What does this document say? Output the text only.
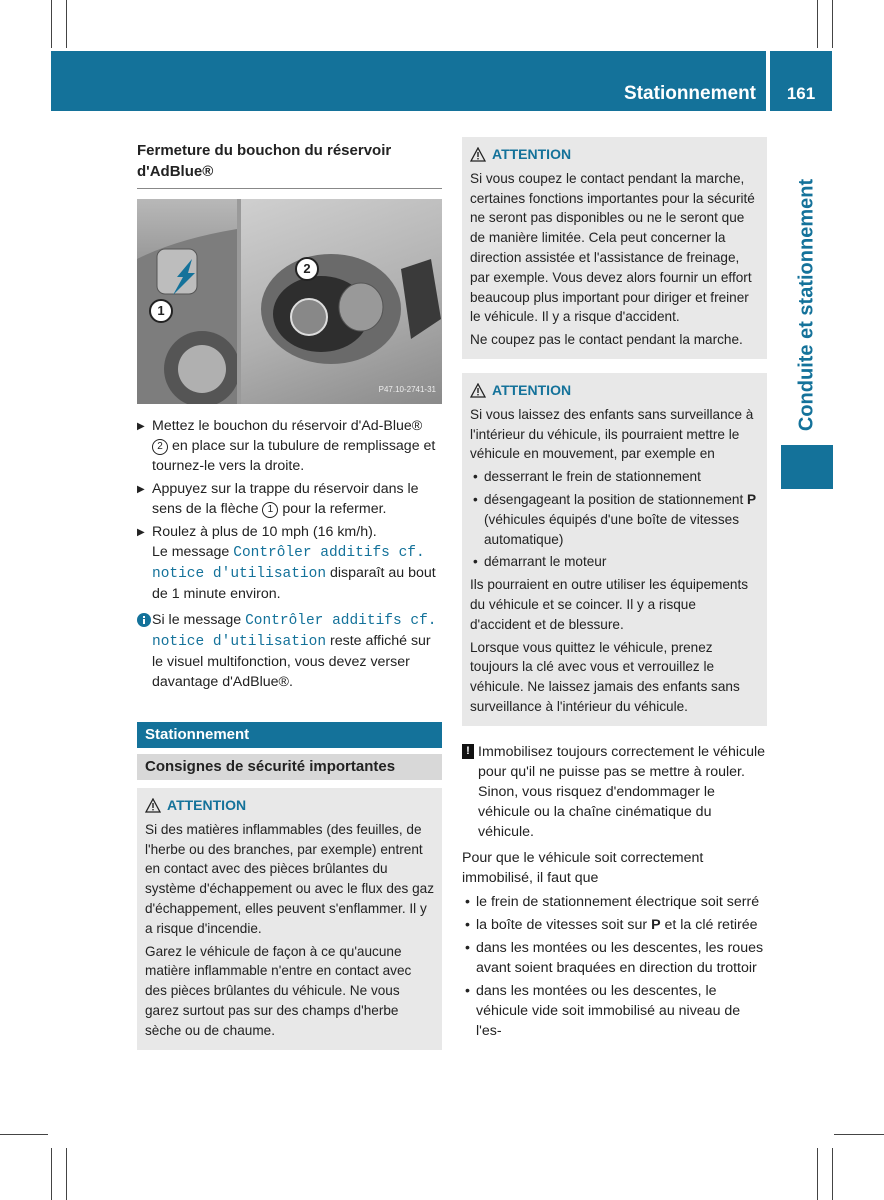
Stationnement	161
Conduite et stationnement
Fermeture du bouchon du réservoir
d'AdBlue®
1
2
P47.10-2741-31
▶ Mettez le bouchon du réservoir d'Ad-Blue® 2 en place sur la tubulure de remplissage et tournez-le vers la droite.
▶ Appuyez sur la trappe du réservoir dans le sens de la flèche 1 pour la refermer.
▶ Roulez à plus de 10 mph (16 km/h).
Le message Contrôler additifs cf. notice d'utilisation disparaît au bout de 1 minute environ.
Si le message Contrôler additifs cf. notice d'utilisation reste affiché sur le visuel multifonction, vous devez verser davantage d'AdBlue®.
Stationnement
Consignes de sécurité importantes
ATTENTION

Si des matières inflammables (des feuilles, de l'herbe ou des branches, par exemple) entrent en contact avec des pièces brûlantes du système d'échappement ou avec le flux des gaz d'échappement, elles peuvent s'enflammer. Il y a risque d'incendie.

Garez le véhicule de façon à ce qu'aucune matière inflammable n'entre en contact avec des pièces brûlantes du véhicule. Ne vous garez surtout pas sur des champs d'herbe sèche ou de chaume.

ATTENTION

Si vous coupez le contact pendant la marche, certaines fonctions importantes pour la sécurité ne seront pas disponibles ou ne le seront que de manière limitée. Cela peut concerner la direction assistée et l'assistance de freinage, par exemple. Vous devez alors fournir un effort beaucoup plus important pour diriger et freiner le véhicule. Il y a risque d'accident.

Ne coupez pas le contact pendant la marche.

ATTENTION

Si vous laissez des enfants sans surveillance à l'intérieur du véhicule, ils pourraient mettre le véhicule en mouvement, par exemple en

• desserrant le frein de stationnement
• désengageant la position de stationnement P (véhicules équipés d'une boîte de vitesses automatique)
• démarrant le moteur

Ils pourraient en outre utiliser les équipements du véhicule et se coincer. Il y a risque d'accident et de blessure.

Lorsque vous quittez le véhicule, prenez toujours la clé avec vous et verrouillez le véhicule. Ne laissez jamais des enfants sans surveillance à l'intérieur du véhicule.

! Immobilisez toujours correctement le véhicule pour qu'il ne puisse pas se mettre à rouler. Sinon, vous risquez d'endommager le véhicule ou la chaîne cinématique du véhicule.

Pour que le véhicule soit correctement immobilisé, il faut que

• le frein de stationnement électrique soit serré
• la boîte de vitesses soit sur P et la clé retirée
• dans les montées ou les descentes, les roues avant soient braquées en direction du trottoir
• dans les montées ou les descentes, le véhicule vide soit immobilisé au niveau de l'es-
